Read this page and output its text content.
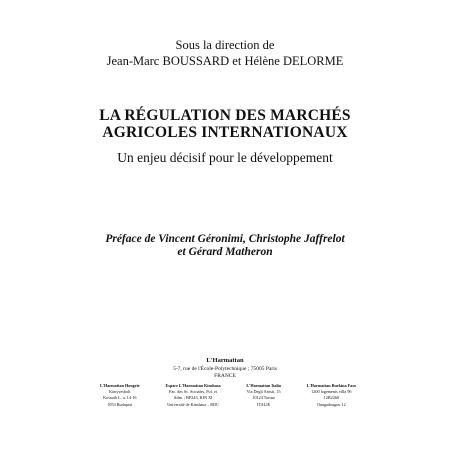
Sous la direction de
Jean-Marc BOUSSARD et Hélène DELORME
LA RÉGULATION DES MARCHÉS
AGRICOLES INTERNATIONAUX
Un enjeu décisif pour le développement
Préface de Vincent Géronimi, Christophe Jaffrelot
et Gérard Matheron
L'Harmattan
5-7, rue de l'École-Polytechnique ; 75005 Paris
FRANCE
L'Harmattan Hongrie
Könyvesbolt
Kossuth L. u. 14-16
1053 Budapest
Espace L'Harmattan Kinshasa
Fac. des Sc. Sociales, Pol. et
Adm. ; BP243, KIN XI
Université de Kinshasa – RDC
L'Harmattan Italia
Via Degli Artisti, 15
10124 Torino
ITALIE
L'Harmattan Burkina Faso
1200 logements villa 96
12B2260
Ouagadougou 12
